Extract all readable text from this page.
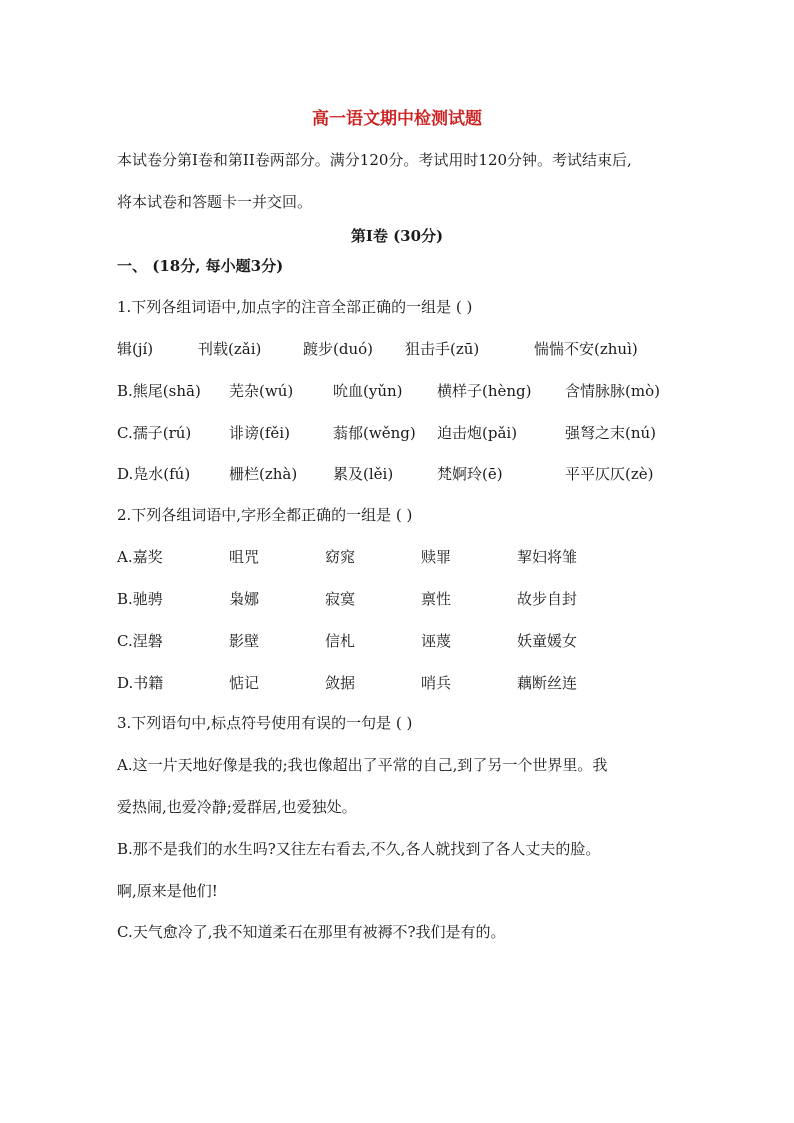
高一语文期中检测试题
本试卷分第I卷和第II卷两部分。满分120分。考试用时120分钟。考试结束后,
将本试卷和答题卡一并交回。
第Ⅰ卷 (30分)
一、 (18分, 每小题3分)
1.下列各组词语中,加点字的注音全部正确的一组是 ( )
辑(jí)	刊载(zǎi)	踱步(duó) 狙击手(zū)	惴惴不安(zhuì)
B.熊尾(shā) 芜杂(wú)	吮血(yǔn) 横样子(hèng) 含情脉脉(mò)
C.孺子(rú)	诽谤(fěi)	蓊郁(wěng) 迫击炮(pǎi)	强弩之末(nú)
D.凫水(fú)	栅栏(zhà) 累及(lěi)	梵婀玲(ē)	平平仄仄(zè)
2.下列各组词语中,字形全都正确的一组是 ( )
A.嘉奖	咀咒	窈窕	赎罪	挈妇将雏
B.驰骋	枭娜	寂寞	禀性	故步自封
C.涅磐	影壁	信札	诬蔑	妖童媛女
D.书籍	惦记	敛据	哨兵	藕断丝连
3.下列语句中,标点符号使用有误的一句是 ( )
A.这一片天地好像是我的;我也像超出了平常的自己,到了另一个世界里。我
爱热闹,也爱冷静;爱群居,也爱独处。
B.那不是我们的水生吗?又往左右看去,不久,各人就找到了各人丈夫的脸。
啊,原来是他们!
C.天气愈冷了,我不知道柔石在那里有被褥不?我们是有的。
